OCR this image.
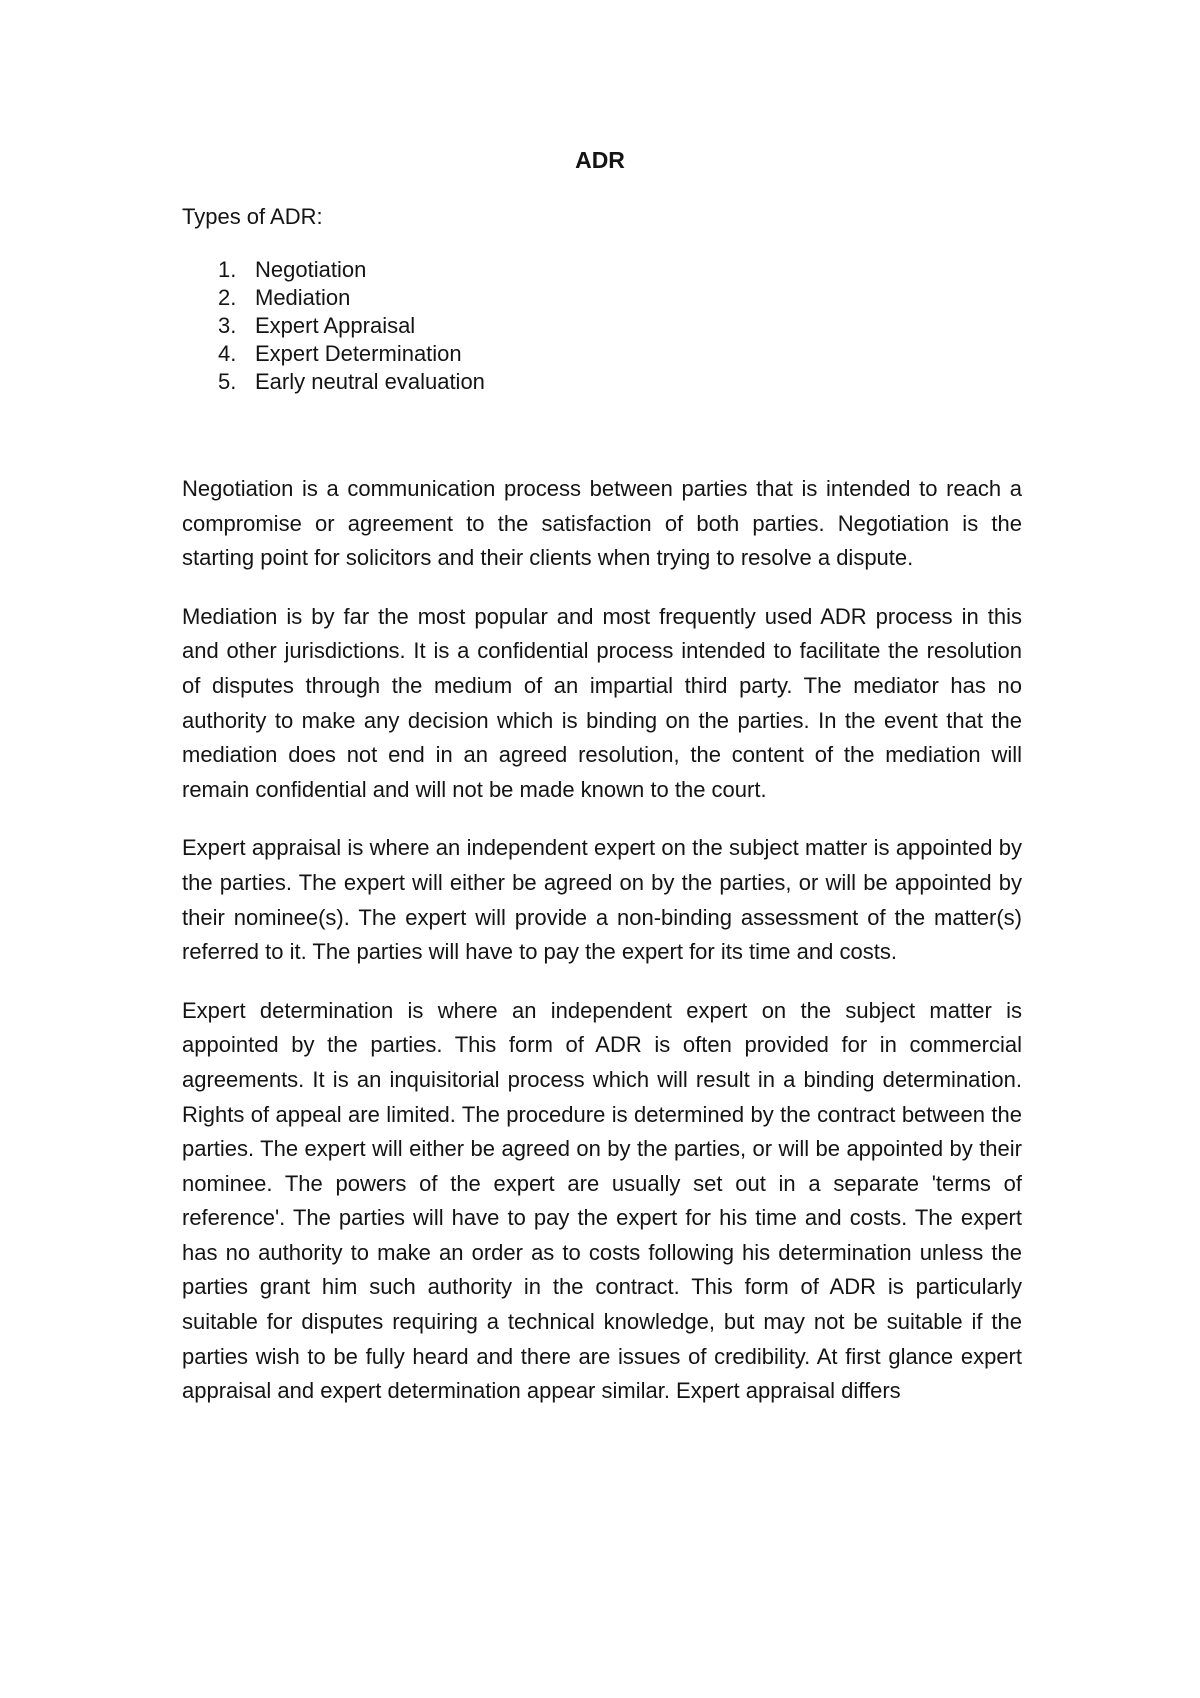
ADR

Types of ADR:

1. Negotiation
2. Mediation
3. Expert Appraisal
4. Expert Determination
5. Early neutral evaluation

Negotiation is a communication process between parties that is intended to reach a compromise or agreement to the satisfaction of both parties. Negotiation is the starting point for solicitors and their clients when trying to resolve a dispute.

Mediation is by far the most popular and most frequently used ADR process in this and other jurisdictions. It is a confidential process intended to facilitate the resolution of disputes through the medium of an impartial third party. The mediator has no authority to make any decision which is binding on the parties. In the event that the mediation does not end in an agreed resolution, the content of the mediation will remain confidential and will not be made known to the court.

Expert appraisal is where an independent expert on the subject matter is appointed by the parties. The expert will either be agreed on by the parties, or will be appointed by their nominee(s). The expert will provide a non-binding assessment of the matter(s) referred to it. The parties will have to pay the expert for its time and costs.

Expert determination is where an independent expert on the subject matter is appointed by the parties. This form of ADR is often provided for in commercial agreements. It is an inquisitorial process which will result in a binding determination. Rights of appeal are limited. The procedure is determined by the contract between the parties. The expert will either be agreed on by the parties, or will be appointed by their nominee. The powers of the expert are usually set out in a separate 'terms of reference'. The parties will have to pay the expert for his time and costs. The expert has no authority to make an order as to costs following his determination unless the parties grant him such authority in the contract. This form of ADR is particularly suitable for disputes requiring a technical knowledge, but may not be suitable if the parties wish to be fully heard and there are issues of credibility. At first glance expert appraisal and expert determination appear similar. Expert appraisal differs
